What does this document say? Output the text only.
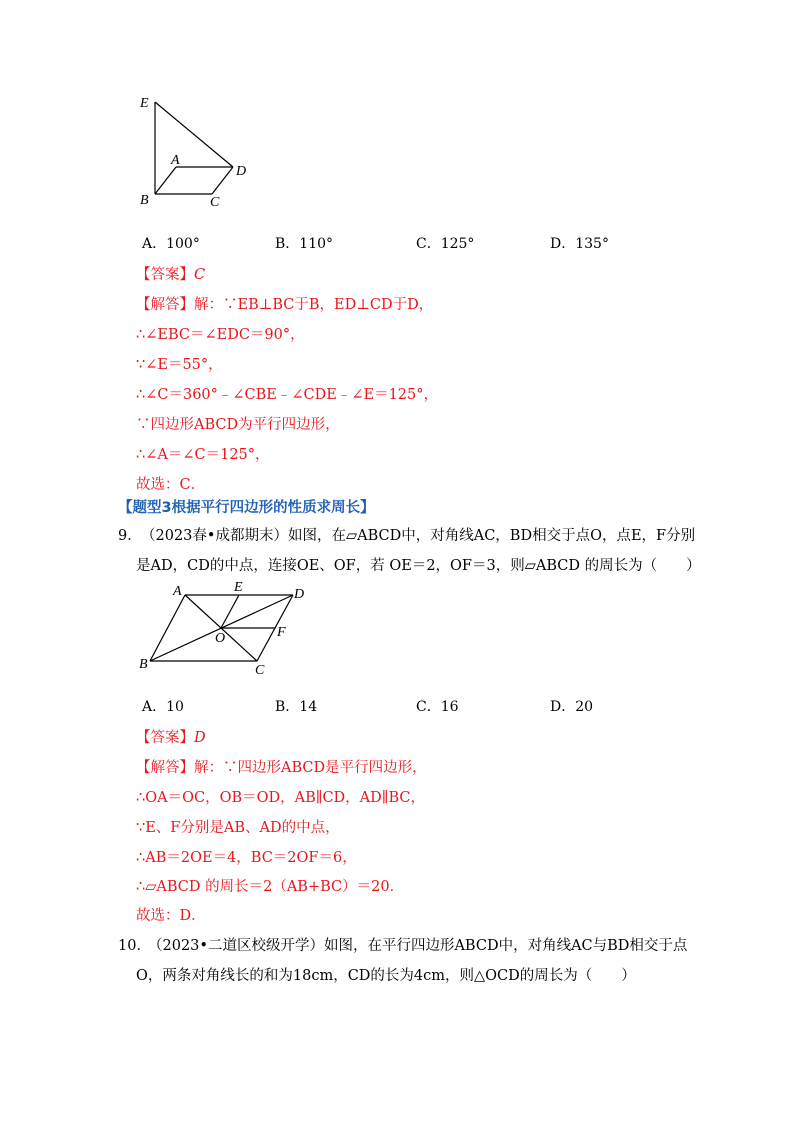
E
A
D
B	C
A．100°	B．110°	C．125°	D．135°
【答案】C
【解答】解：∵EB⊥BC于B，ED⊥CD于D，
∴∠EBC＝∠EDC＝90°，
∵∠E＝55°，
∴∠C＝360°﹣∠CBE﹣∠CDE﹣∠E＝125°，
∵四边形ABCD为平行四边形，
∴∠A＝∠C＝125°，
故选：C．
【题型3根据平行四边形的性质求周长】
9． （2023春•成都期末）如图，在▱ABCD中，对角线AC，BD相交于点O，点E，F分别
是AD，CD的中点，连接OE、OF，若 OE＝2，OF＝3，则▱ABCD 的周长为（　　）
A	E	D
O	F
B	C
A．10	B．14	C．16	D．20
【答案】D
【解答】解：∵四边形ABCD是平行四边形，
∴OA＝OC，OB＝OD，AB∥CD，AD∥BC，
∵E、F分别是AB、AD的中点，
∴AB＝2OE＝4，BC＝2OF＝6，
∴▱ABCD 的周长＝2（AB+BC）＝20．
故选：D．
10．
（2023•二道区校级开学）如图，在平行四边形ABCD中，对角线AC与BD相交于点
O，两条对角线长的和为18cm，CD的长为4cm，则△OCD的周长为（　　）
